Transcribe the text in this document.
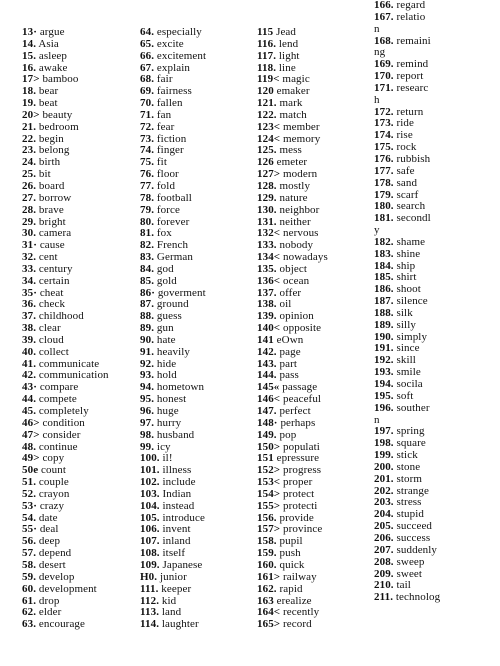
13· argue
14. Asia
15. asleep
16. awake
17> bamboo
18. bear
19. beat
20> beauty
21. bedroom
22. begin
23. belong
24. birth
25. bit
26. board
27. borrow
28. brave
29. bright
30. camera
31· cause
32. cent
33. century
34. certain
35· cheat
36. check
37. childhood
38. clear
39. cloud
40. collect
41. communicate
42. communication
43· compare
44. compete
45. completely
46> condition
47> consider
48. continue
49> copy
50e count
51. couple
52. crayon
53· crazy
54. date
55· deal
56. deep
57. depend
58. desert
59. develop
60. development
61. drop
62. elder
63. encourage
64. especially
65. excite
66. excitement
67. explain
68. fair
69. fairness
70. fallen
71. fan
72. fear
73. fiction
74. finger
75. fit
76. floor
77. fold
78. football
79. force
80. forever
81. fox
82. French
83. German
84. god
85. gold
86· goverment
87. ground
88. guess
89. gun
90. hate
91. heavily
92. hide
93. hold
94. hometown
95. honest
96. huge
97. hurry
98. husband
99. icy
100. il!
101. illness
102. include
103. Indian
104. instead
105. introduce
106. invent
107. inland
108. itself
109. Japanese
H0. junior
111. keeper
112. kid
113. land
114. laughter
115 Jead
116. lend
117. light
118. line
119< magic
120 emaker
121. mark
122. match
123< member
124< memory
125. mess
126 emeter
127> modern
128. mostly
129. nature
130. neighbor
131. neither
132< nervous
133. nobody
134< nowadays
135. object
136< ocean
137. offer
138. oil
139. opinion
140< opposite
141 eOwn
142. page
143. part
144. pass
145« passage
146< peaceful
147. perfect
148· perhaps
149. pop
150> populati
151 epressure
152> progress
153< proper
154> protect
155> protecti
156. provide
157> province
158. pupil
159. push
160. quick
161> railway
162. rapid
163 erealize
164< recently
165> record
166. regard
167. relatio
n
168. remaini
ng
169. remind
170. report
171. researc
h
172. return
173. ride
174. rise
175. rock
176. rubbish
177. safe
178. sand
179. scarf
180. search
181. secondl
y
182. shame
183. shine
184. ship
185. shirt
186. shoot
187. silence
188. silk
189. silly
190. simply
191. since
192. skill
193. smile
194. socila
195. soft
196. souther
n
197. spring
198. square
199. stick
200. stone
201. storm
202. strange
203. stress
204. stupid
205. succeed
206. success
207. suddenly
208. sweep
209. sweet
210. tail
211. technolog
